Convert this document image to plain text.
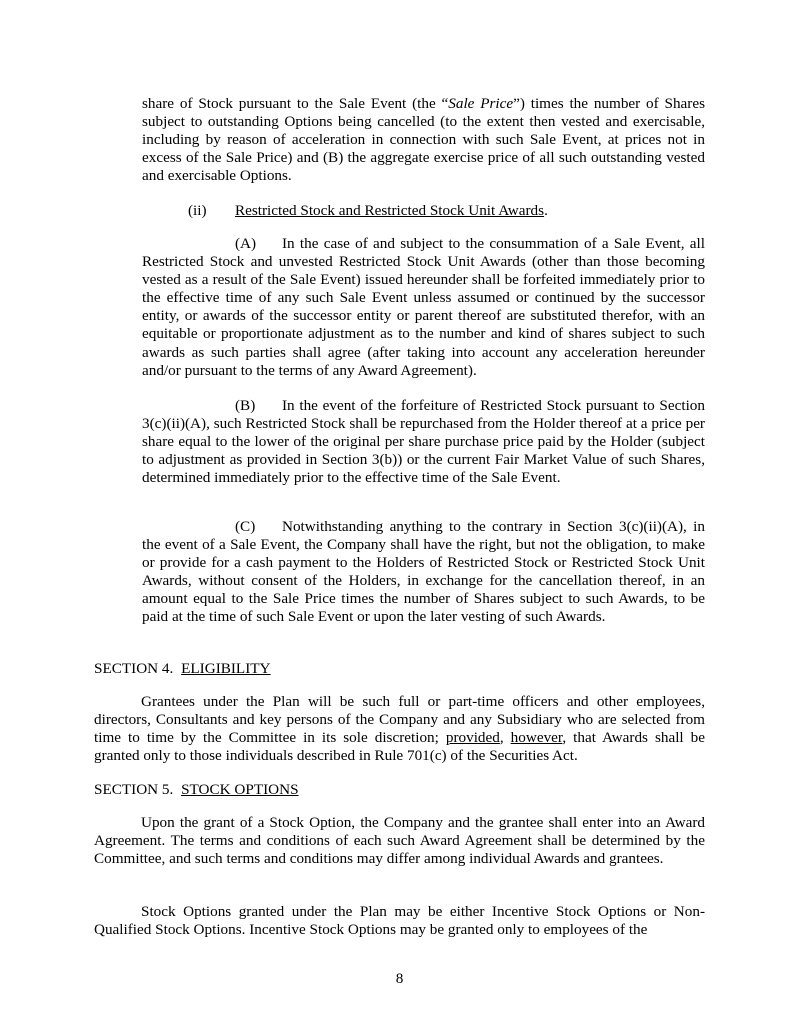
share of Stock pursuant to the Sale Event (the “Sale Price”) times the number of Shares subject to outstanding Options being cancelled (to the extent then vested and exercisable, including by reason of acceleration in connection with such Sale Event, at prices not in excess of the Sale Price) and (B) the aggregate exercise price of all such outstanding vested and exercisable Options.

(ii) Restricted Stock and Restricted Stock Unit Awards.

(A) In the case of and subject to the consummation of a Sale Event, all Restricted Stock and unvested Restricted Stock Unit Awards (other than those becoming vested as a result of the Sale Event) issued hereunder shall be forfeited immediately prior to the effective time of any such Sale Event unless assumed or continued by the successor entity, or awards of the successor entity or parent thereof are substituted therefor, with an equitable or proportionate adjustment as to the number and kind of shares subject to such awards as such parties shall agree (after taking into account any acceleration hereunder and/or pursuant to the terms of any Award Agreement).

(B) In the event of the forfeiture of Restricted Stock pursuant to Section 3(c)(ii)(A), such Restricted Stock shall be repurchased from the Holder thereof at a price per share equal to the lower of the original per share purchase price paid by the Holder (subject to adjustment as provided in Section 3(b)) or the current Fair Market Value of such Shares, determined immediately prior to the effective time of the Sale Event.

(C) Notwithstanding anything to the contrary in Section 3(c)(ii)(A), in the event of a Sale Event, the Company shall have the right, but not the obligation, to make or provide for a cash payment to the Holders of Restricted Stock or Restricted Stock Unit Awards, without consent of the Holders, in exchange for the cancellation thereof, in an amount equal to the Sale Price times the number of Shares subject to such Awards, to be paid at the time of such Sale Event or upon the later vesting of such Awards.

SECTION 4. ELIGIBILITY

Grantees under the Plan will be such full or part-time officers and other employees, directors, Consultants and key persons of the Company and any Subsidiary who are selected from time to time by the Committee in its sole discretion; provided, however, that Awards shall be granted only to those individuals described in Rule 701(c) of the Securities Act.

SECTION 5. STOCK OPTIONS

Upon the grant of a Stock Option, the Company and the grantee shall enter into an Award Agreement. The terms and conditions of each such Award Agreement shall be determined by the Committee, and such terms and conditions may differ among individual Awards and grantees.

Stock Options granted under the Plan may be either Incentive Stock Options or Non-Qualified Stock Options. Incentive Stock Options may be granted only to employees of the

8
